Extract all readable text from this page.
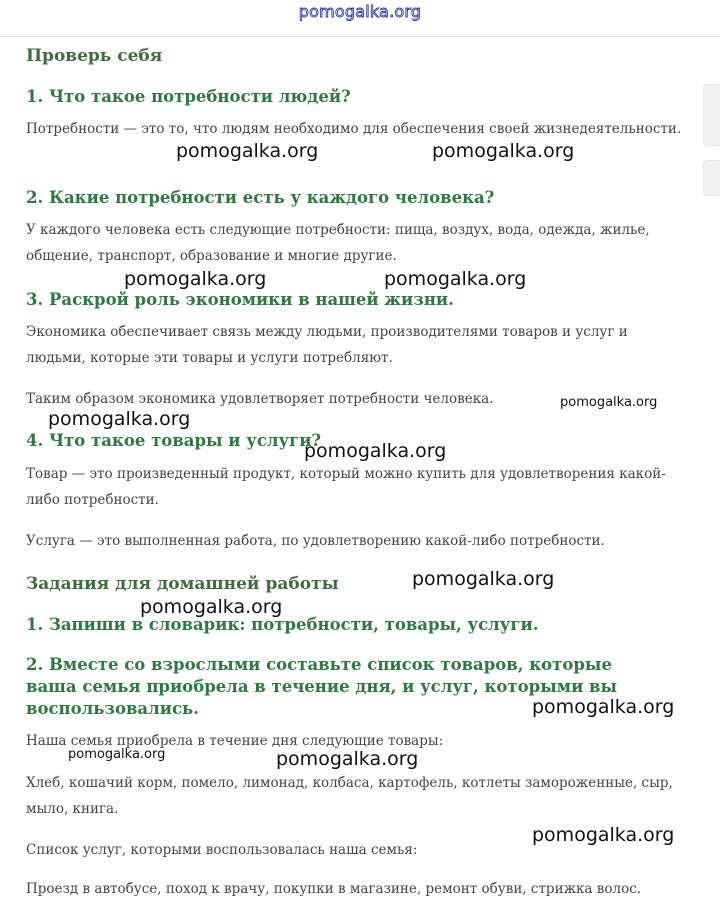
pomogalka.org
Проверь себя
1. Что такое потребности людей?

Потребности — это то, что людям необходимо для обеспечения своей жизнедеятельности.

2. Какие потребности есть у каждого человека?

У каждого человека есть следующие потребности: пища, воздух, вода, одежда, жилье, общение, транспорт, образование и многие другие.

3. Раскрой роль экономики в нашей жизни.

Экономика обеспечивает связь между людьми, производителями товаров и услуг и людьми, которые эти товары и услуги потребляют.

Таким образом экономика удовлетворяет потребности человека.

4. Что такое товары и услуги?

Товар — это произведенный продукт, который можно купить для удовлетворения какой-либо потребности.

Услуга — это выполненная работа, по удовлетворению какой-либо потребности.

Задания для домашней работы
1. Запиши в словарик: потребности, товары, услуги.
2. Вместе со взрослыми составьте список товаров, которые ваша семья приобрела в течение дня, и услуг, которыми вы воспользовались.

Наша семья приобрела в течение дня следующие товары:

Хлеб, кошачий корм, помело, лимонад, колбаса, картофель, котлеты замороженные, сыр, мыло, книга.

Список услуг, которыми воспользовалась наша семья:

Проезд в автобусе, поход к врачу, покупки в магазине, ремонт обуви, стрижка волос.

pomogalka.org	pomogalka.org
pomogalka.org	pomogalka.org
pomogalka.org
pomogalka.org
pomogalka.org
pomogalka.org
pomogalka.org
pomogalka.org
pomogalka.org	pomogalka.org
pomogalka.org
